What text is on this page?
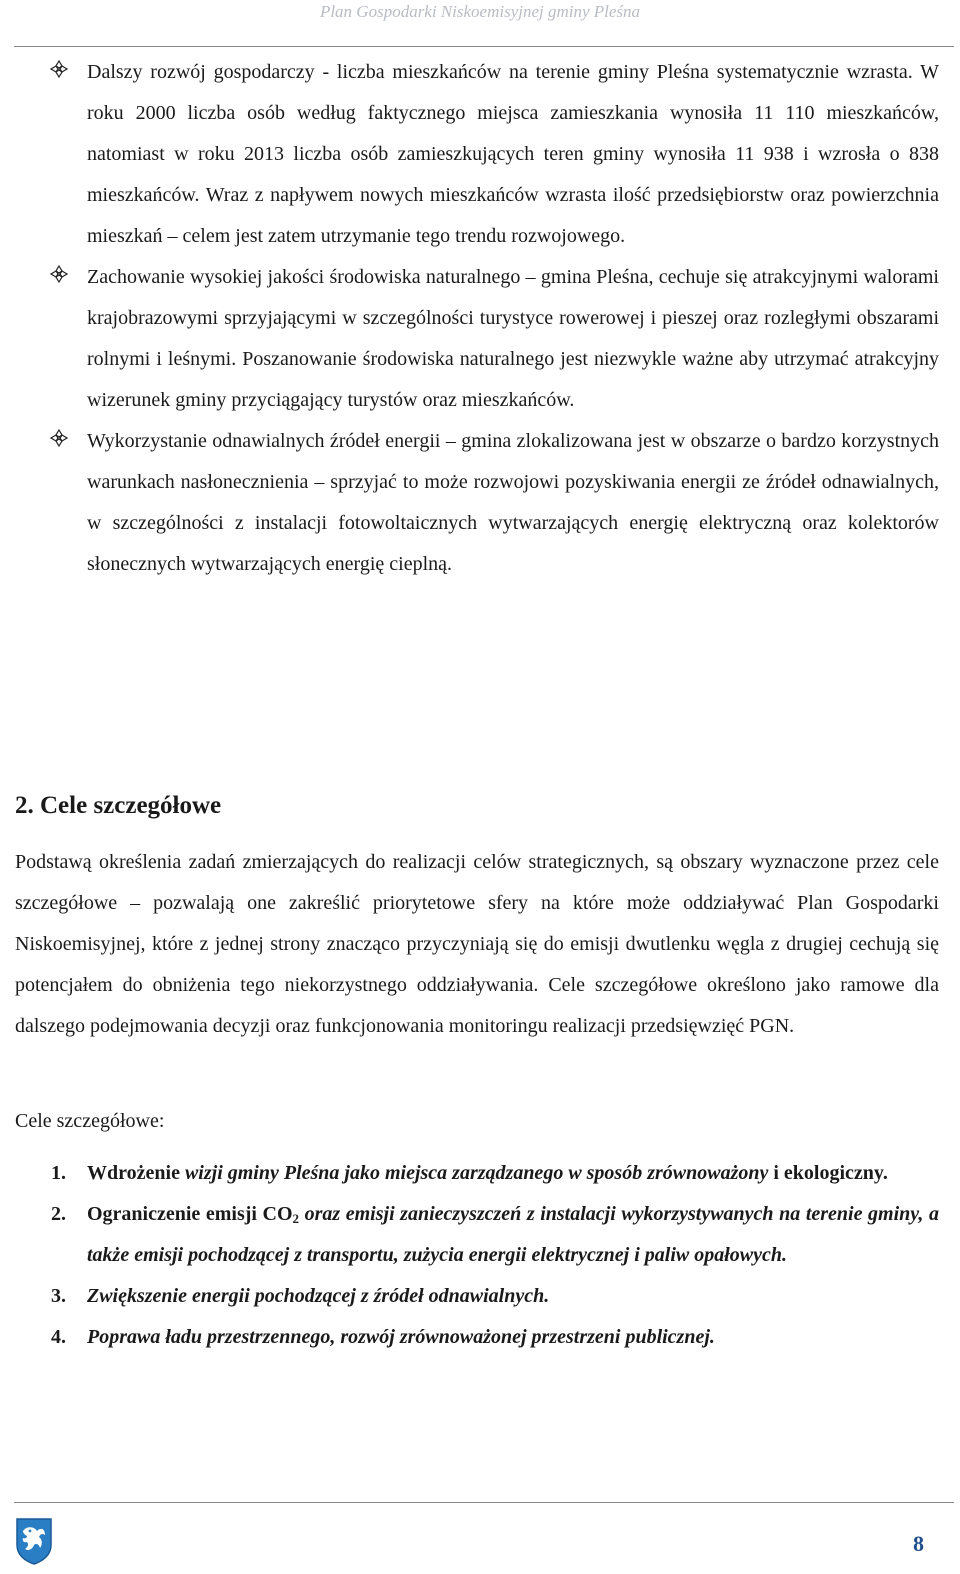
Plan Gospodarki Niskoemisyjnej gminy Pleśna
Dalszy rozwój gospodarczy - liczba mieszkańców na terenie gminy Pleśna systematycznie wzrasta. W roku 2000 liczba osób według faktycznego miejsca zamieszkania wynosiła 11 110 mieszkańców, natomiast w roku 2013 liczba osób zamieszkujących teren gminy wynosiła 11 938 i wzrosła o 838 mieszkańców. Wraz z napływem nowych mieszkańców wzrasta ilość przedsiębiorstw oraz powierzchnia mieszkań – celem jest zatem utrzymanie tego trendu rozwojowego.
Zachowanie wysokiej jakości środowiska naturalnego – gmina Pleśna, cechuje się atrakcyjnymi walorami krajobrazowymi sprzyjającymi w szczególności turystyce rowerowej i pieszej oraz rozległymi obszarami rolnymi i leśnymi. Poszanowanie środowiska naturalnego jest niezwykle ważne aby utrzymać atrakcyjny wizerunek gminy przyciągający turystów oraz mieszkańców.
Wykorzystanie odnawialnych źródeł energii – gmina zlokalizowana jest w obszarze o bardzo korzystnych warunkach nasłonecznienia – sprzyjać to może rozwojowi pozyskiwania energii ze źródeł odnawialnych, w szczególności z instalacji fotowoltaicznych wytwarzających energię elektryczną oraz kolektorów słonecznych wytwarzających energię cieplną.
2. Cele szczegółowe

Podstawą określenia zadań zmierzających do realizacji celów strategicznych, są obszary wyznaczone przez cele szczegółowe – pozwalają one zakreślić priorytetowe sfery na które może oddziaływać Plan Gospodarki Niskoemisyjnej, które z jednej strony znacząco przyczyniają się do emisji dwutlenku węgla z drugiej cechują się potencjałem do obniżenia tego niekorzystnego oddziaływania. Cele szczegółowe określono jako ramowe dla dalszego podejmowania decyzji oraz funkcjonowania monitoringu realizacji przedsięwzięć PGN.

Cele szczegółowe:

1. Wdrożenie wizji gminy Pleśna jako miejsca zarządzanego w sposób zrównoważony i ekologiczny.
2. Ograniczenie emisji $CO_2$ oraz emisji zanieczyszczeń z instalacji wykorzystywanych na terenie gminy, a także emisji pochodzącej z transportu, zużycia energii elektrycznej i paliw opałowych.
3. Zwiększenie energii pochodzącej z źródeł odnawialnych.
4. Poprawa ładu przestrzennego, rozwój zrównoważonej przestrzeni publicznej.
8
